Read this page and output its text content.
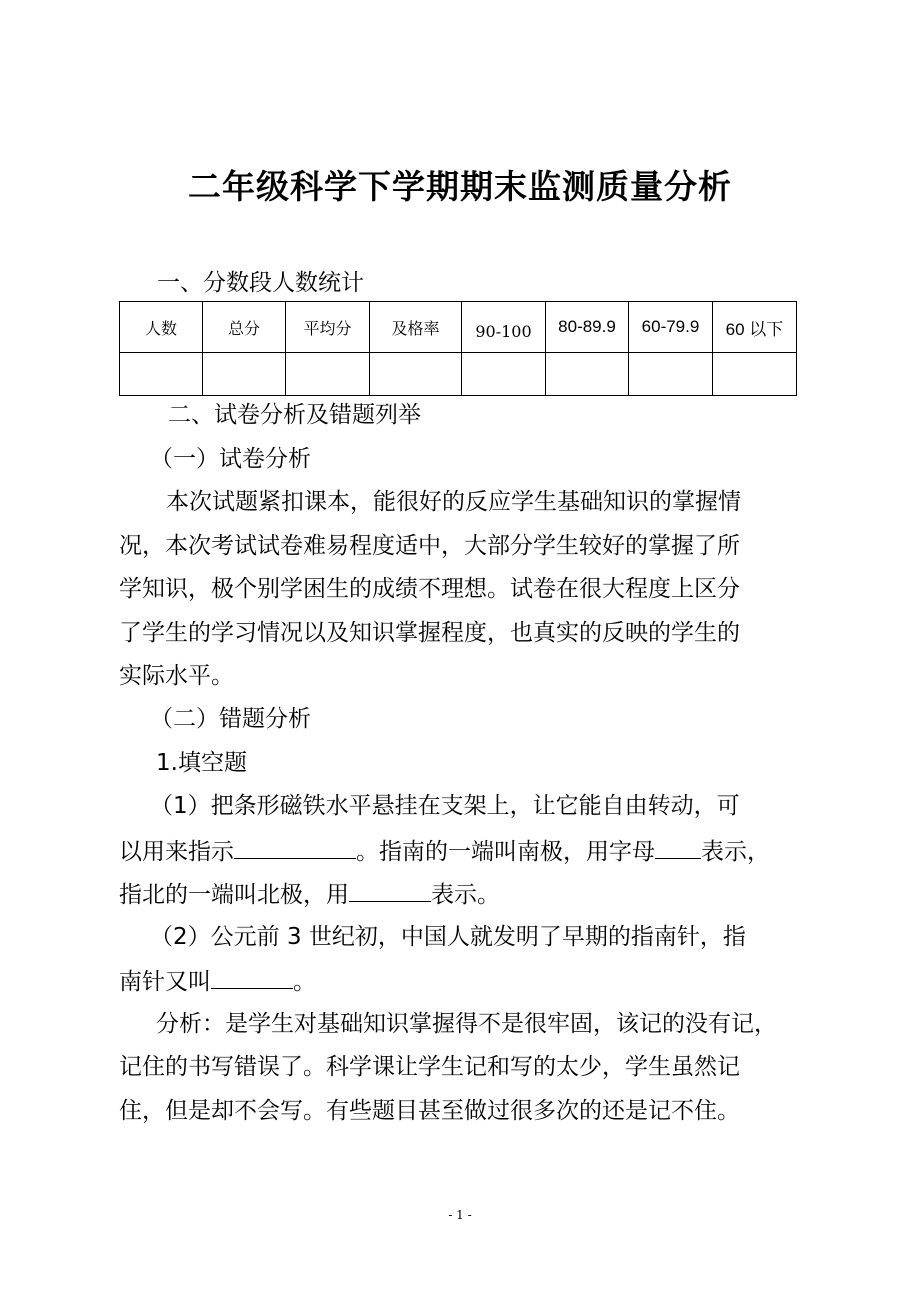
二年级科学下学期期末监测质量分析
一、分数段人数统计
人数	总分	平均分	及格率	90-100	80-89.9	60-79.9	60 以下

二、试卷分析及错题列举
（一）试卷分析
本次试题紧扣课本，能很好的反应学生基础知识的掌握情
况，本次考试试卷难易程度适中，大部分学生较好的掌握了所
学知识，极个别学困生的成绩不理想。试卷在很大程度上区分
了学生的学习情况以及知识掌握程度，也真实的反映的学生的
实际水平。
（二）错题分析
1.填空题
（1）把条形磁铁水平悬挂在支架上，让它能自由转动，可
以用来指示	。指南的一端叫南极，用字母 表示，
指北的一端叫北极，用	表示。
（2）公元前 3 世纪初，中国人就发明了早期的指南针，指
南针又叫	。
分析：是学生对基础知识掌握得不是很牢固，该记的没有记，
记住的书写错误了。科学课让学生记和写的太少，学生虽然记
住，但是却不会写。有些题目甚至做过很多次的还是记不住。
- 1 -
